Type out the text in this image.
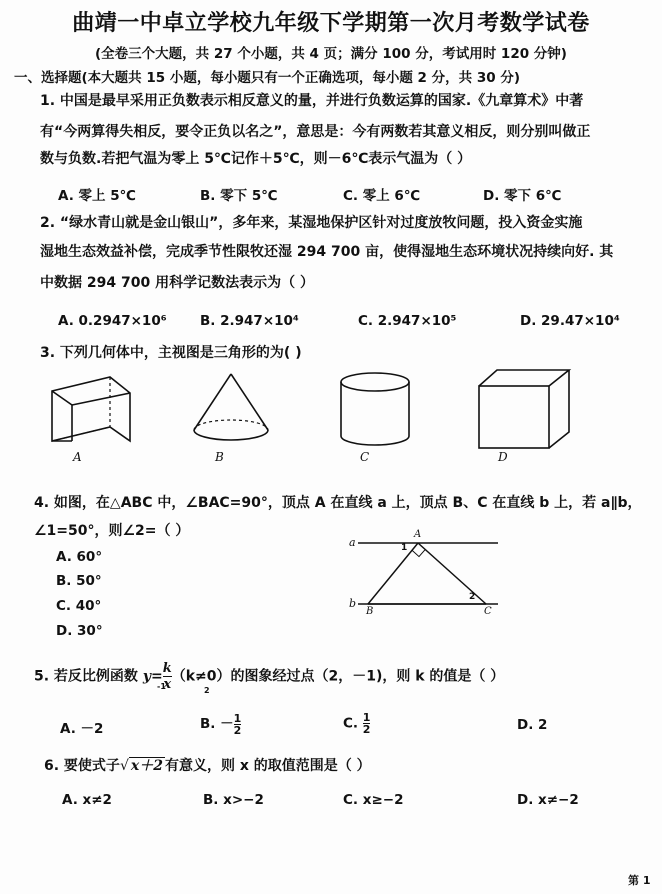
曲靖一中卓立学校九年级下学期第一次月考数学试卷
(全卷三个大题，共 27 个小题，共 4 页；满分 100 分，考试用时 120 分钟)
一、选择题(本大题共 15 小题，每小题只有一个正确选项，每小题 2 分，共 30 分)
1. 中国是最早采用正负数表示相反意义的量，并进行负数运算的国家.《九章算术》中著
有“今两算得失相反，要令正负以名之”，意思是：今有两数若其意义相反，则分别叫做正
数与负数.若把气温为零上 5℃记作＋5℃，则－6℃表示气温为（ ）
A. 零上 5℃	B. 零下 5℃	C. 零上 6℃	D. 零下 6℃
2. “绿水青山就是金山银山”，多年来，某湿地保护区针对过度放牧问题，投入资金实施
湿地生态效益补偿，完成季节性限牧还湿 294 700 亩，使得湿地生态环境状况持续向好. 其
中数据 294 700 用科学记数法表示为（ ）
A. 0.2947×10⁶ B. 2.947×10⁴	C. 2.947×10⁵	D. 29.47×10⁴
3. 下列几何体中，主视图是三角形的为( )
A	B	C	D
4. 如图，在△ABC 中，∠BAC=90°，顶点 A 在直线 a 上，顶点 B、C 在直线 b 上，若 a∥b，
∠1=50°，则∠2=（ ）
A. 60°
B. 50°
C. 40°
D. 30°
a
b
A
B	C
1
2
5. 若反比例函数 $y= \frac{k}{x} (k\ne 0)$的图象经过点（2，－1)，则 k 的值是（ ）
-1	2
A. －2	B. － $\frac{1}{2}$	C. $\frac{1}{2}$	D. 2
6. 要使式子√ x＋2 有意义，则 x 的取值范围是（ ）
A. x≠2	B. x>−2	C. x≥−2	D. x≠−2
第 1
